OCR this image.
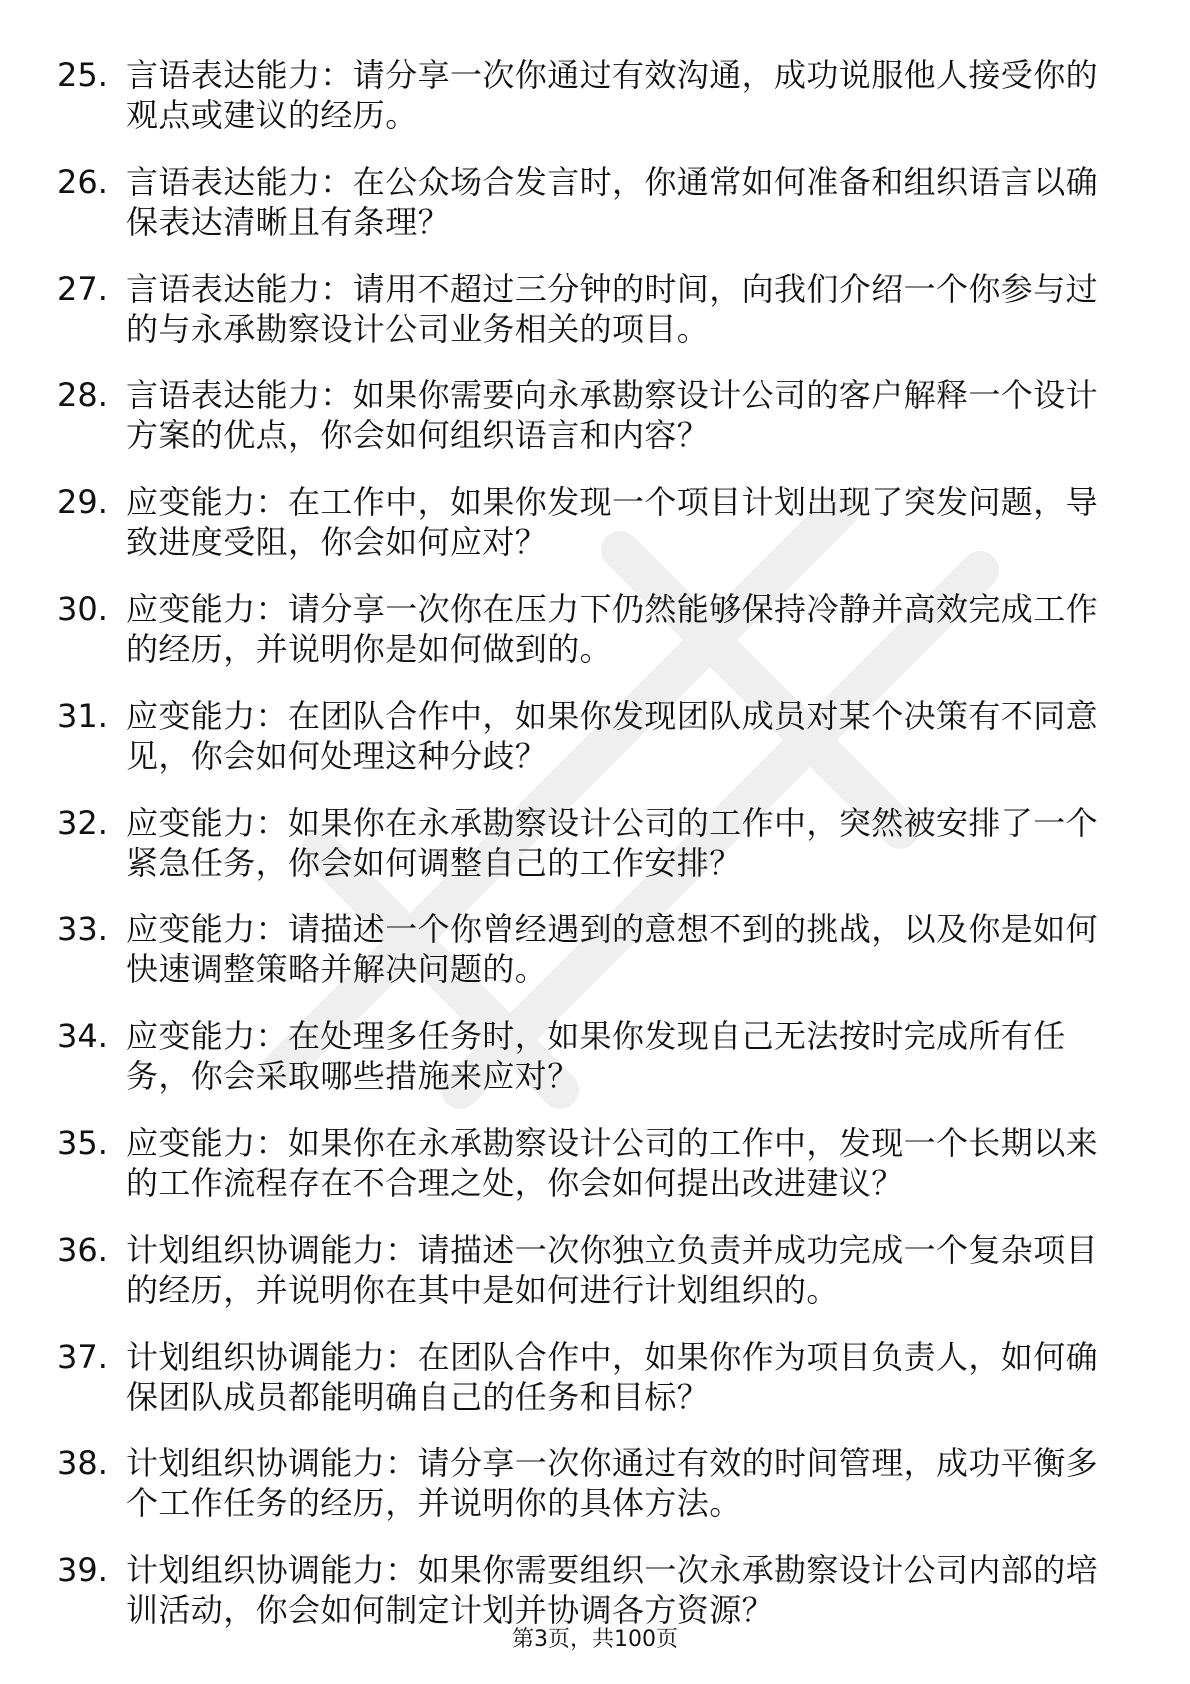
25. 言语表达能力：请分享一次你通过有效沟通，成功说服他人接受你的观点或建议的经历。
26. 言语表达能力：在公众场合发言时，你通常如何准备和组织语言以确保表达清晰且有条理？
27. 言语表达能力：请用不超过三分钟的时间，向我们介绍一个你参与过的与永承勘察设计公司业务相关的项目。
28. 言语表达能力：如果你需要向永承勘察设计公司的客户解释一个设计方案的优点，你会如何组织语言和内容？
29. 应变能力：在工作中，如果你发现一个项目计划出现了突发问题，导致进度受阻，你会如何应对？
30. 应变能力：请分享一次你在压力下仍然能够保持冷静并高效完成工作的经历，并说明你是如何做到的。
31. 应变能力：在团队合作中，如果你发现团队成员对某个决策有不同意见，你会如何处理这种分歧？
32. 应变能力：如果你在永承勘察设计公司的工作中，突然被安排了一个紧急任务，你会如何调整自己的工作安排？
33. 应变能力：请描述一个你曾经遇到的意想不到的挑战，以及你是如何快速调整策略并解决问题的。
34. 应变能力：在处理多任务时，如果你发现自己无法按时完成所有任务，你会采取哪些措施来应对？
35. 应变能力：如果你在永承勘察设计公司的工作中，发现一个长期以来的工作流程存在不合理之处，你会如何提出改进建议？
36. 计划组织协调能力：请描述一次你独立负责并成功完成一个复杂项目的经历，并说明你在其中是如何进行计划组织的。
37. 计划组织协调能力：在团队合作中，如果你作为项目负责人，如何确保团队成员都能明确自己的任务和目标？
38. 计划组织协调能力：请分享一次你通过有效的时间管理，成功平衡多个工作任务的经历，并说明你的具体方法。
39. 计划组织协调能力：如果你需要组织一次永承勘察设计公司内部的培训活动，你会如何制定计划并协调各方资源？
第3页，共100页
